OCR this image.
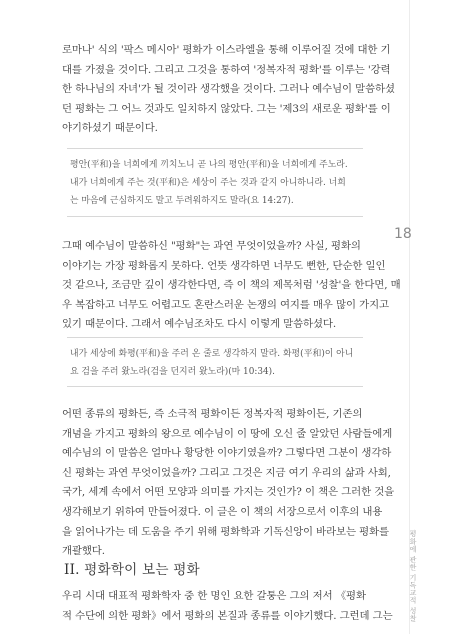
로마나' 식의 '팍스 메시아' 평화가 이스라엘을 통해 이루어질 것에 대한 기
대를 가졌을 것이다. 그리고 그것을 통하여 '정복자적 평화'를 이루는 '강력
한 하나님의 자녀'가 될 것이라 생각했을 것이다. 그러나 예수님이 말씀하셨
던 평화는 그 어느 것과도 일치하지 않았다. 그는 '제3의 새로운 평화'를 이
야기하셨기 때문이다.

평안(平和)을 너희에게 끼치노니 곧 나의 평안(平和)을 너희에게 주노라.
내가 너희에게 주는 것(平和)은 세상이 주는 것과 같지 아니하니라. 너희
는 마음에 근심하지도 말고 두려워하지도 말라(요 14:27).

그때 예수님이 말씀하신 "평화"는 과연 무엇이었을까? 사실, 평화의
이야기는 가장 평화롭지 못하다. 언뜻 생각하면 너무도 뻔한, 단순한 일인
것 같으나, 조금만 깊이 생각한다면, 즉 이 책의 제목처럼 '성찰'을 한다면, 매
우 복잡하고 너무도 어렵고도 혼란스러운 논쟁의 여지를 매우 많이 가지고
있기 때문이다. 그래서 예수님조차도 다시 이렇게 말씀하셨다.

내가 세상에 화평(平和)을 주러 온 줄로 생각하지 말라. 화평(平和)이 아니
요 검을 주러 왔노라(검을 던지러 왔노라)(마 10:34).

어떤 종류의 평화든, 즉 소극적 평화이든 정복자적 평화이든, 기존의
개념을 가지고 평화의 왕으로 예수님이 이 땅에 오신 줄 알았던 사람들에게
예수님의 이 말씀은 얼마나 황당한 이야기였을까? 그렇다면 그분이 생각하
신 평화는 과연 무엇이었을까? 그리고 그것은 지금 여기 우리의 삶과 사회,
국가, 세계 속에서 어떤 모양과 의미를 가지는 것인가? 이 책은 그러한 것을
생각해보기 위하여 만들어졌다. 이 글은 이 책의 서장으로서 이후의 내용
을 읽어나가는 데 도움을 주기 위해 평화학과 기독신앙이 바라보는 평화를
개괄했다.

II. 평화학이 보는 평화

우리 시대 대표적 평화학자 중 한 명인 요한 갈퉁은 그의 저서 《평화
적 수단에 의한 평화》에서 평화의 본질과 종류를 이야기했다. 그런데 그는

18
평화에 관한 기독교적 성찰
